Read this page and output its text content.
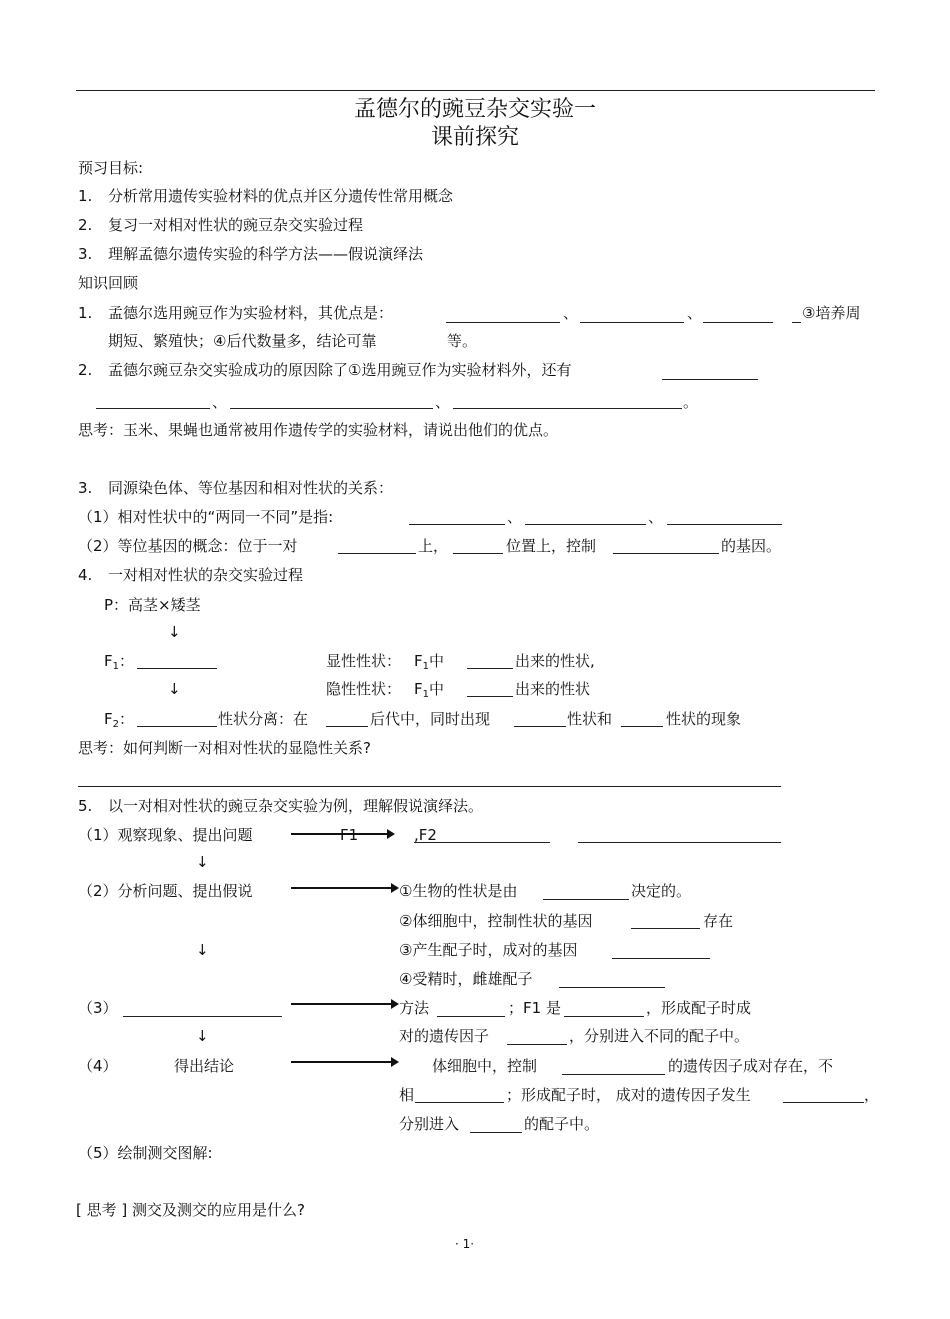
孟德尔的豌豆杂交实验一
课前探究
预习目标:
1. 分析常用遗传实验材料的优点并区分遗传性常用概念
2. 复习一对相对性状的豌豆杂交实验过程
3. 理解孟德尔遗传实验的科学方法——假说演绎法
知识回顾
1. 孟德尔选用豌豆作为实验材料，其优点是：	、	、	③培养周
期短、繁殖快；④后代数量多，结论可靠	等。
2. 孟德尔豌豆杂交实验成功的原因除了①选用豌豆作为实验材料外，还有
、	、	。
思考：玉米、果蝇也通常被用作遗传学的实验材料，请说出他们的优点。
3. 同源染色体、等位基因和相对性状的关系：
（1）相对性状中的“两同一不同”是指:	、	、
（2）等位基因的概念：位于一对	上，	位置上，控制	的基因。
4. 一对相对性状的杂交实验过程
P：高茎×矮茎
↓
$F_1$：	显性性状： $F_1$中	出来的性状,
↓	隐性性状： $F_1$中	出来的性状
$F_2$：	性状分离：在	后代中，同时出现	性状和	性状的现象
思考：如何判断一对相对性状的显隐性关系?
5. 以一对相对性状的豌豆杂交实验为例，理解假说演绎法。
（1）观察现象、提出问题	F1	,F2
↓
（2）分析问题、提出假说	①生物的性状是由	决定的。
②体细胞中，控制性状的基因	存在
↓	③产生配子时，成对的基因
④受精时，雌雄配子
（3）	方法	；F1 是	，形成配子时成
↓	对的遗传因子	，分别进入不同的配子中。
（4）	得出结论	体细胞中，控制	的遗传因子成对存在，不
相	；形成配子时， 成对的遗传因子发生	，
分别进入	的配子中。
（5）绘制测交图解:
[ 思考 ] 测交及测交的应用是什么?
· 1·
